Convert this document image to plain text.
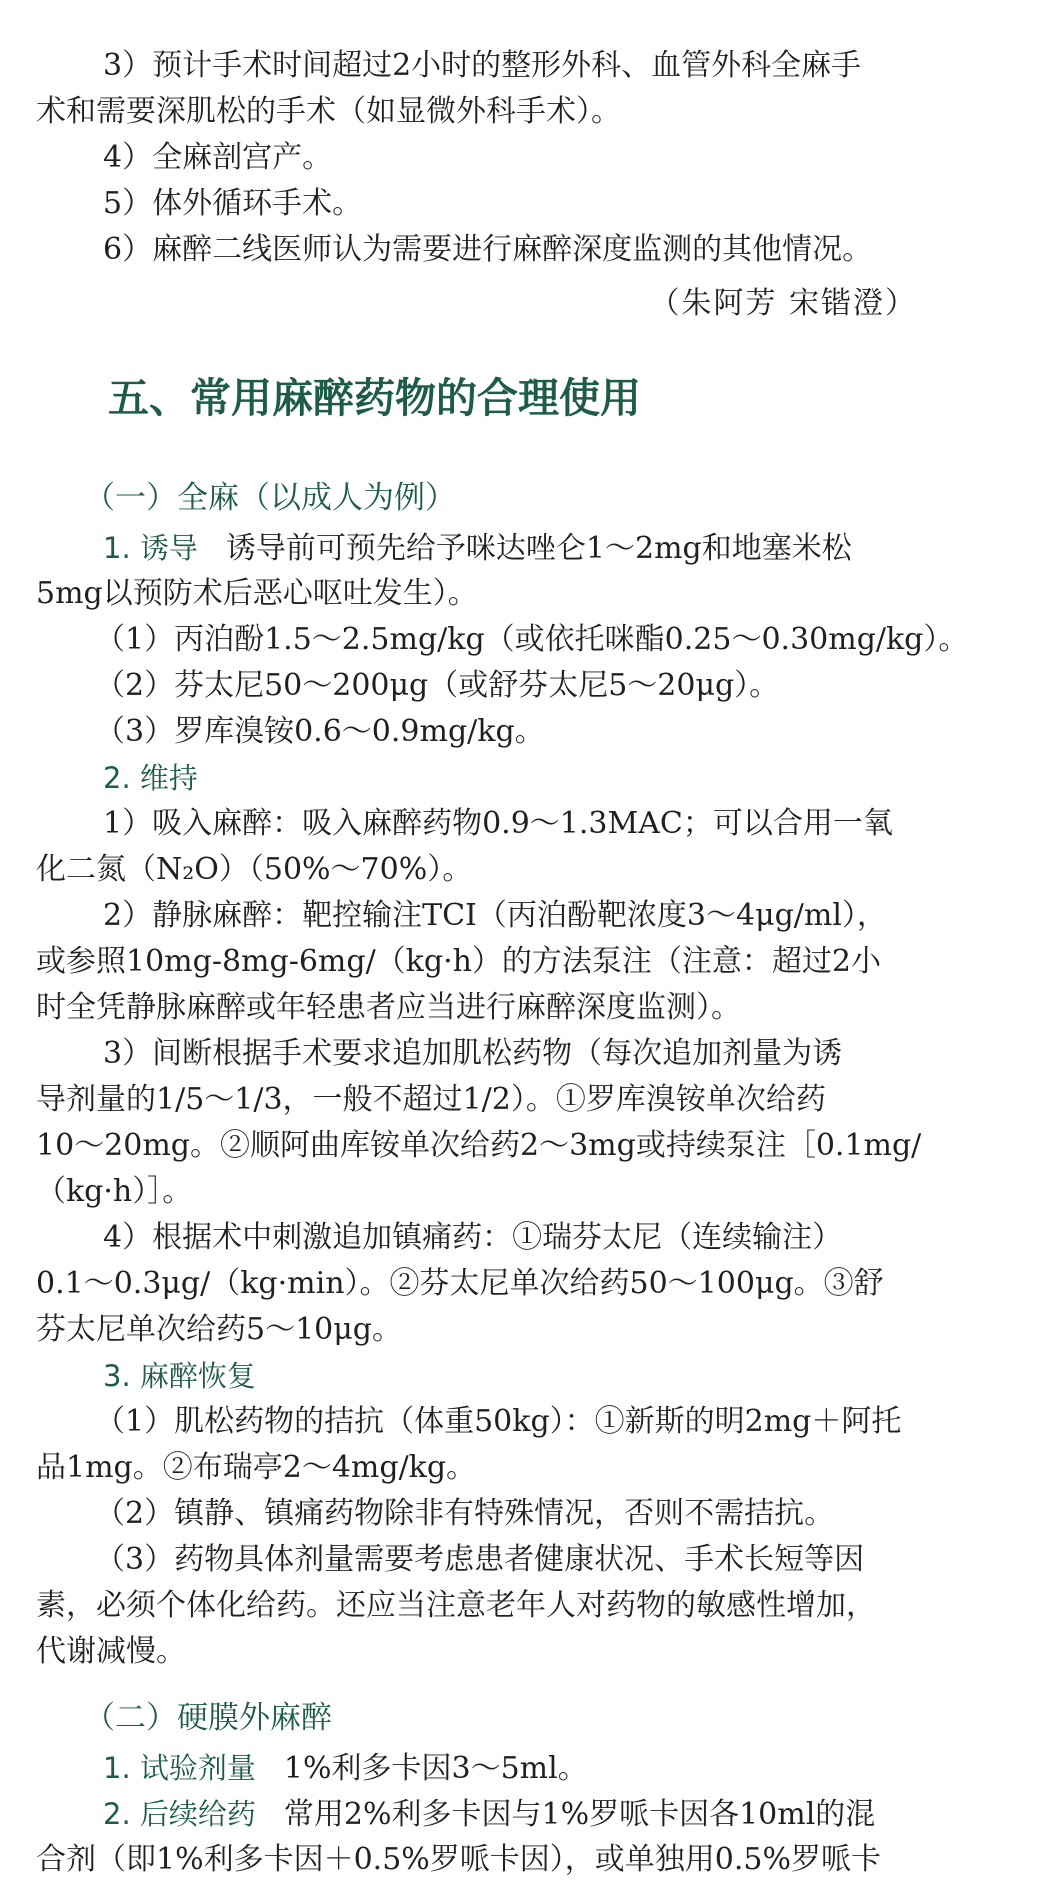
3）预计手术时间超过2小时的整形外科、血管外科全麻手
术和需要深肌松的手术（如显微外科手术）。
4）全麻剖宫产。
5）体外循环手术。
6）麻醉二线医师认为需要进行麻醉深度监测的其他情况。
（朱阿芳 宋锴澄）
五、常用麻醉药物的合理使用
（一）全麻（以成人为例）
1. 诱导 诱导前可预先给予咪达唑仑1～2mg和地塞米松
5mg以预防术后恶心呕吐发生）。
（1）丙泊酚1.5～2.5mg/kg（或依托咪酯0.25～0.30mg/kg）。
（2）芬太尼50～200μg（或舒芬太尼5～20μg）。
（3）罗库溴铵0.6～0.9mg/kg。
2. 维持
1）吸入麻醉：吸入麻醉药物0.9～1.3MAC；可以合用一氧
化二氮（N₂O）（50%～70%）。
2）静脉麻醉：靶控输注TCI（丙泊酚靶浓度3～4μg/ml），
或参照10mg-8mg-6mg/（kg·h）的方法泵注（注意：超过2小
时全凭静脉麻醉或年轻患者应当进行麻醉深度监测）。
3）间断根据手术要求追加肌松药物（每次追加剂量为诱
导剂量的1/5～1/3，一般不超过1/2）。①罗库溴铵单次给药
10～20mg。②顺阿曲库铵单次给药2～3mg或持续泵注［0.1mg/
（kg·h）］。
4）根据术中刺激追加镇痛药：①瑞芬太尼（连续输注）
0.1～0.3μg/（kg·min）。②芬太尼单次给药50～100μg。③舒
芬太尼单次给药5～10μg。
3. 麻醉恢复
（1）肌松药物的拮抗（体重50kg）：①新斯的明2mg＋阿托
品1mg。②布瑞亭2～4mg/kg。
（2）镇静、镇痛药物除非有特殊情况，否则不需拮抗。
（3）药物具体剂量需要考虑患者健康状况、手术长短等因
素，必须个体化给药。还应当注意老年人对药物的敏感性增加，
代谢减慢。
（二）硬膜外麻醉
1. 试验剂量 1%利多卡因3～5ml。
2. 后续给药 常用2%利多卡因与1%罗哌卡因各10ml的混
合剂（即1%利多卡因＋0.5%罗哌卡因），或单独用0.5%罗哌卡
